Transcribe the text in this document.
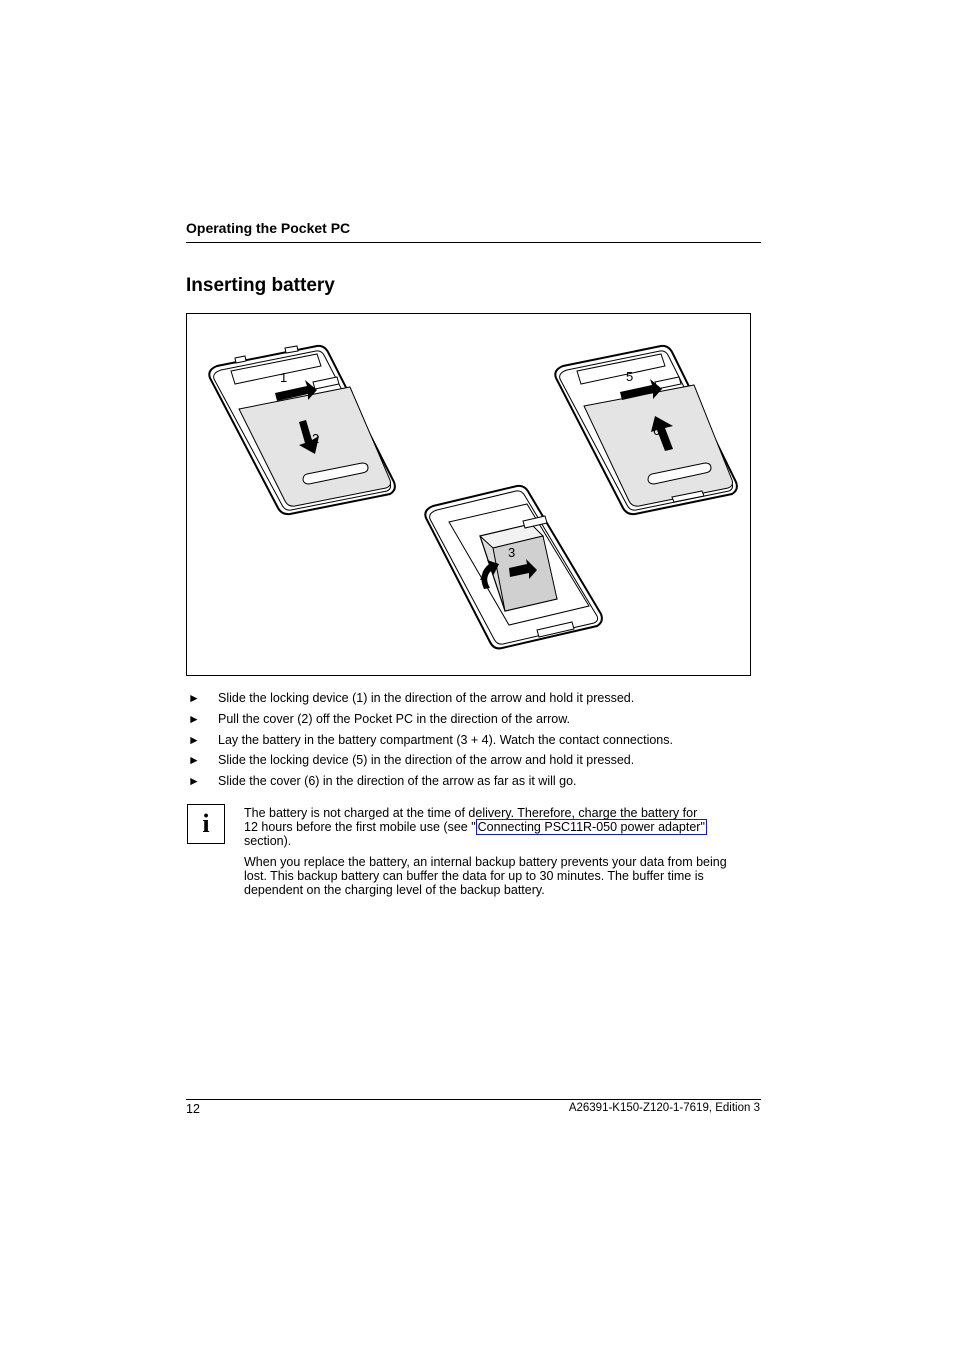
Operating the Pocket PC
Inserting battery
1
2
3
4
5
6
► Slide the locking device (1) in the direction of the arrow and hold it pressed.
► Pull the cover (2) off the Pocket PC in the direction of the arrow.
► Lay the battery in the battery compartment (3 + 4). Watch the contact connections.
► Slide the locking device (5) in the direction of the arrow and hold it pressed.
► Slide the cover (6) in the direction of the arrow as far as it will go.
i	The battery is not charged at the time of delivery. Therefore, charge the battery for
12 hours before the first mobile use (see " Connecting PSC11R-050 power adapter"
section).
When you replace the battery, an internal backup battery prevents your data from being lost. This backup battery can buffer the data for up to 30 minutes. The buffer time is dependent on the charging level of the backup battery.
12	A26391-K150-Z120-1-7619, Edition 3
